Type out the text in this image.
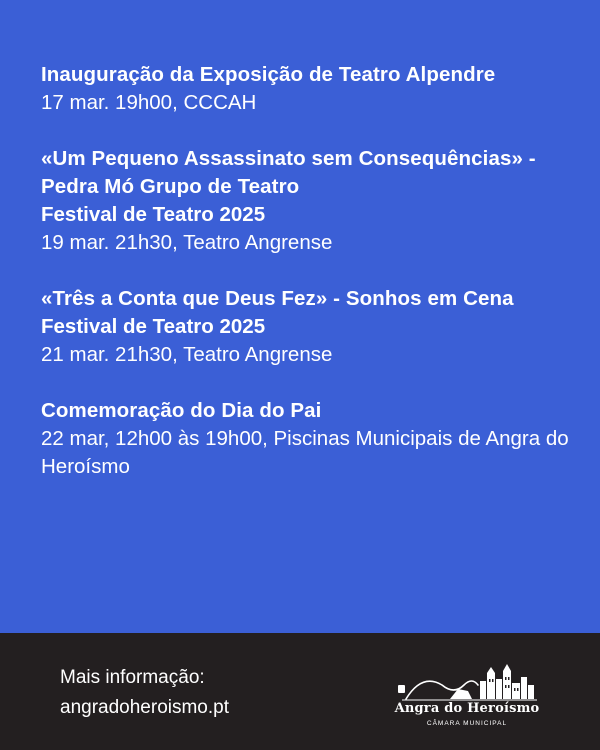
Inauguração da Exposição de Teatro Alpendre

17 mar. 19h00, CCCAH

«Um Pequeno Assassinato sem Consequências» - Pedra Mó Grupo de Teatro

Festival de Teatro 2025

19 mar. 21h30, Teatro Angrense

«Três a Conta que Deus Fez» - Sonhos em Cena

Festival de Teatro 2025

21 mar. 21h30, Teatro Angrense

Comemoração do Dia do Pai

22 mar, 12h00 às 19h00, Piscinas Municipais de Angra do Heroísmo

Mais informação:
angradoheroismo.pt	Angra do Heroísmo
CÂMARA MUNICIPAL
